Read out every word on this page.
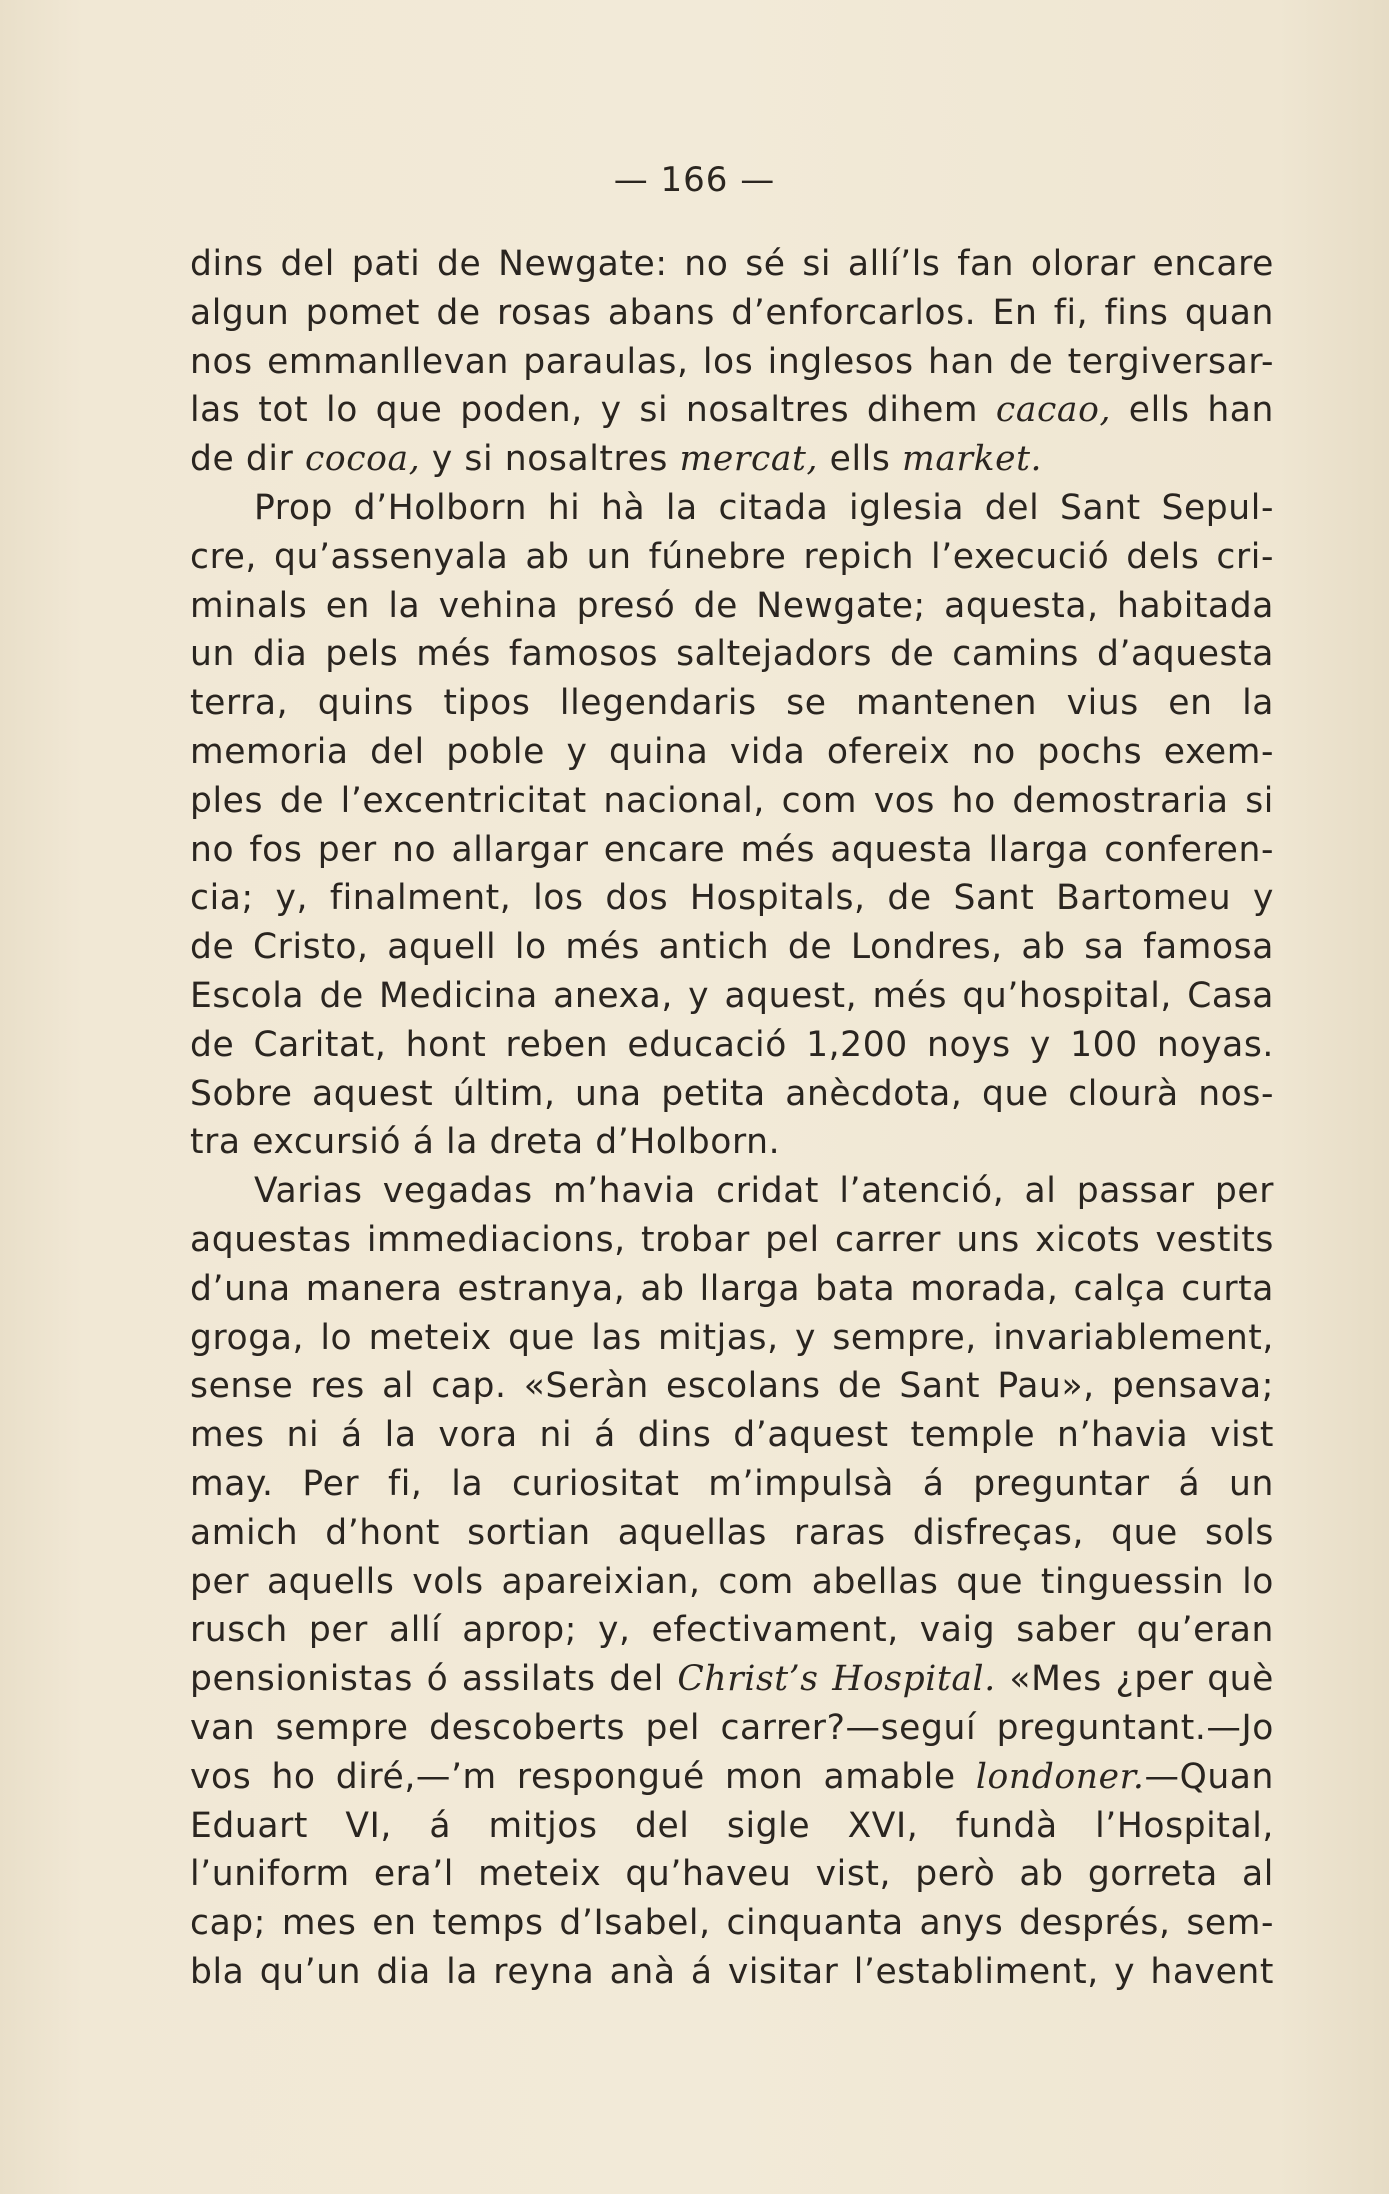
— 166 —
dins del pati de Newgate: no sé si allí’ls fan olorar encare
algun pomet de rosas abans d’enforcarlos. En fi, fins quan
nos emmanllevan paraulas, los inglesos han de tergiversar-
las tot lo que poden, y si nosaltres dihem cacao, ells han
de dir cocoa, y si nosaltres mercat, ells market.
Prop d’Holborn hi hà la citada iglesia del Sant Sepul-
cre, qu’assenyala ab un fúnebre repich l’execució dels cri-
minals en la vehina presó de Newgate; aquesta, habitada
un dia pels més famosos saltejadors de camins d’aquesta
terra, quins tipos llegendaris se mantenen vius en la
memoria del poble y quina vida ofereix no pochs exem-
ples de l’excentricitat nacional, com vos ho demostraria si
no fos per no allargar encare més aquesta llarga conferen-
cia; y, finalment, los dos Hospitals, de Sant Bartomeu y
de Cristo, aquell lo més antich de Londres, ab sa famosa
Escola de Medicina anexa, y aquest, més qu’hospital, Casa
de Caritat, hont reben educació 1,200 noys y 100 noyas.
Sobre aquest últim, una petita anècdota, que clourà nos-
tra excursió á la dreta d’Holborn.
Varias vegadas m’havia cridat l’atenció, al passar per
aquestas immediacions, trobar pel carrer uns xicots vestits
d’una manera estranya, ab llarga bata morada, calça curta
groga, lo meteix que las mitjas, y sempre, invariablement,
sense res al cap. «Seràn escolans de Sant Pau», pensava;
mes ni á la vora ni á dins d’aquest temple n’havia vist
may. Per fi, la curiositat m’impulsà á preguntar á un
amich d’hont sortian aquellas raras disfreças, que sols
per aquells vols apareixian, com abellas que tinguessin lo
rusch per allí aprop; y, efectivament, vaig saber qu’eran
pensionistas ó assilats del Christ’s Hospital. «Mes ¿per què
van sempre descoberts pel carrer?—seguí preguntant.—Jo
vos ho diré,—’m respongué mon amable londoner.—Quan
Eduart VI, á mitjos del sigle XVI, fundà l’Hospital,
l’uniform era’l meteix qu’haveu vist, però ab gorreta al
cap; mes en temps d’Isabel, cinquanta anys després, sem-
bla qu’un dia la reyna anà á visitar l’establiment, y havent
